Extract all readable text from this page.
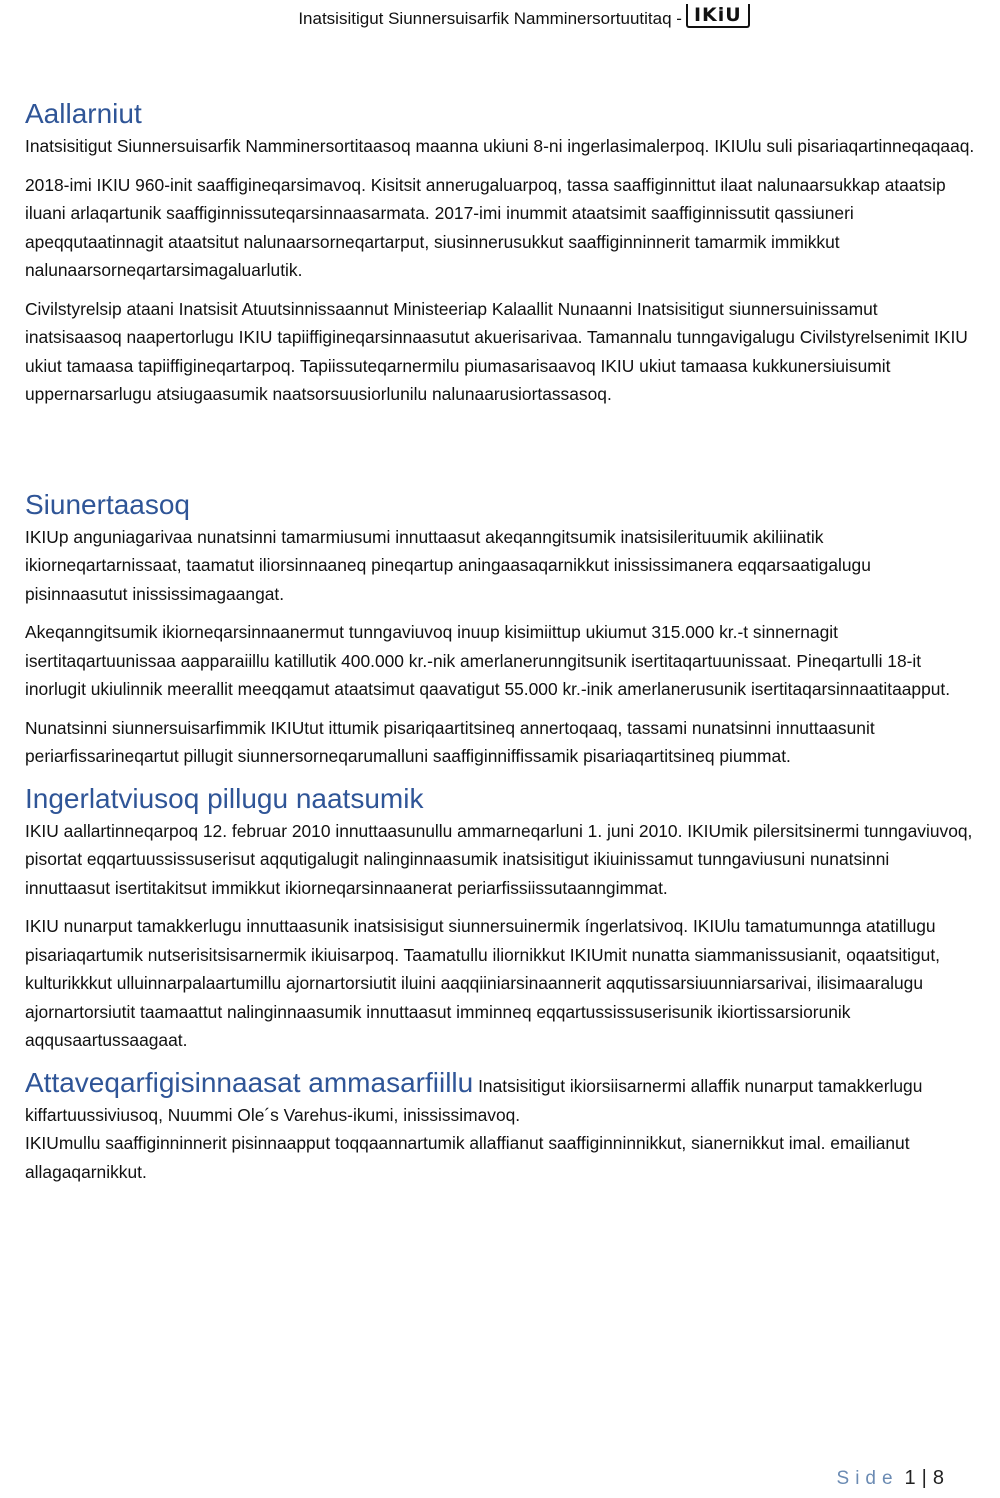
Inatsisitigut Siunnersuisarfik Namminersortuutitaq - IKiU
Aallarniut

Inatsisitigut Siunnersuisarfik Namminersortitaasoq maanna ukiuni 8-ni ingerlasimalerpoq. IKIUlu suli pisariaqartinneqaqaaq.

2018-imi IKIU 960-init saaffigineqarsimavoq. Kisitsit annerugaluarpoq, tassa saaffiginnittut ilaat nalunaarsukkap ataatsip iluani arlaqartunik saaffiginnissuteqarsinnaasarmata. 2017-imi inummit ataatsimit saaffiginnissutit qassiuneri apeqqutaatinnagit ataatsitut nalunaarsorneqartarput, siusinnerusukkut saaffiginninnerit tamarmik immikkut nalunaarsorneqartarsimagaluarlutik.

Civilstyrelsip ataani Inatsisit Atuutsinnissaannut Ministeeriap Kalaallit Nunaanni Inatsisitigut siunnersuinissamut inatsisaasoq naapertorlugu IKIU tapiiffigineqarsinnaasutut akuerisarivaa. Tamannalu tunngavigalugu Civilstyrelsenimit IKIU ukiut tamaasa tapiiffigineqartarpoq. Tapiissuteqarnermilu piumasarisaavoq IKIU ukiut tamaasa kukkunersiuisumit uppernarsarlugu atsiugaasumik naatsorsuusiorlunilu nalunaarusiortassasoq.

Siunertaasoq

IKIUp anguniagarivaa nunatsinni tamarmiusumi innuttaasut akeqanngitsumik inatsisilerituumik akiliinatik ikiorneqartarnissaat, taamatut iliorsinnaaneq pineqartup aningaasaqarnikkut inississimanera eqqarsaatigalugu pisinnaasutut inississimagaangat.

Akeqanngitsumik ikiorneqarsinnaanermut tunngaviuvoq inuup kisimiittup ukiumut 315.000 kr.-t sinnernagit isertitaqartuunissaa aapparaiillu katillutik 400.000 kr.-nik amerlanerunngitsunik isertitaqartuunissaat. Pineqartulli 18-it inorlugit ukiulinnik meerallit meeqqamut ataatsimut qaavatigut 55.000 kr.-inik amerlanerusunik isertitaqarsinnaatitaapput.

Nunatsinni siunnersuisarfimmik IKIUtut ittumik pisariqaartitsineq annertoqaaq, tassami nunatsinni innuttaasunit periarfissarineqartut pillugit siunnersorneqarumalluni saaffiginniffissamik pisariaqartitsineq piummat.

Ingerlatviusoq pillugu naatsumik

IKIU aallartinneqarpoq 12. februar 2010 innuttaasunullu ammarneqarluni 1. juni 2010. IKIUmik pilersitsinermi tunngaviuvoq, pisortat eqqartuussissuserisut aqqutigalugit nalinginnaasumik inatsisitigut ikiuinissamut tunngaviusuni nunatsinni innuttaasut isertitakitsut immikkut ikiorneqarsinnaanerat periarfissiissutaanngimmat.

IKIU nunarput tamakkerlugu innuttaasunik inatsisisigut siunnersuinermik íngerlatsivoq. IKIUlu tamatumunnga atatillugu pisariaqartumik nutserisitsisarnermik ikiuisarpoq. Taamatullu iliornikkut IKIUmit nunatta siammanissusianit, oqaatsitigut, kulturikkkut ulluinnarpalaartumillu ajornartorsiutit iluini aaqqiiniarsinaannerit aqqutissarsiuunniarsarivai, ilisimaaralugu ajornartorsiutit taamaattut nalinginnaasumik innuttaasut imminneq eqqartussissuserisunik ikiortissarsiorunik aqqusaartussaagaat.

Attaveqarfigisinnaasat ammasarfiillu Inatsisitigut ikiorsiisarnermi allaffik nunarput tamakkerlugu kiffartuussiviusoq, Nuummi Ole´s Varehus-ikumi, inississimavoq.

IKIUmullu saaffiginninnerit pisinnaapput toqqaannartumik allaffianut saaffiginninnikkut, sianernikkut imal. emailianut allagaqarnikkut.

Side 1 | 8
